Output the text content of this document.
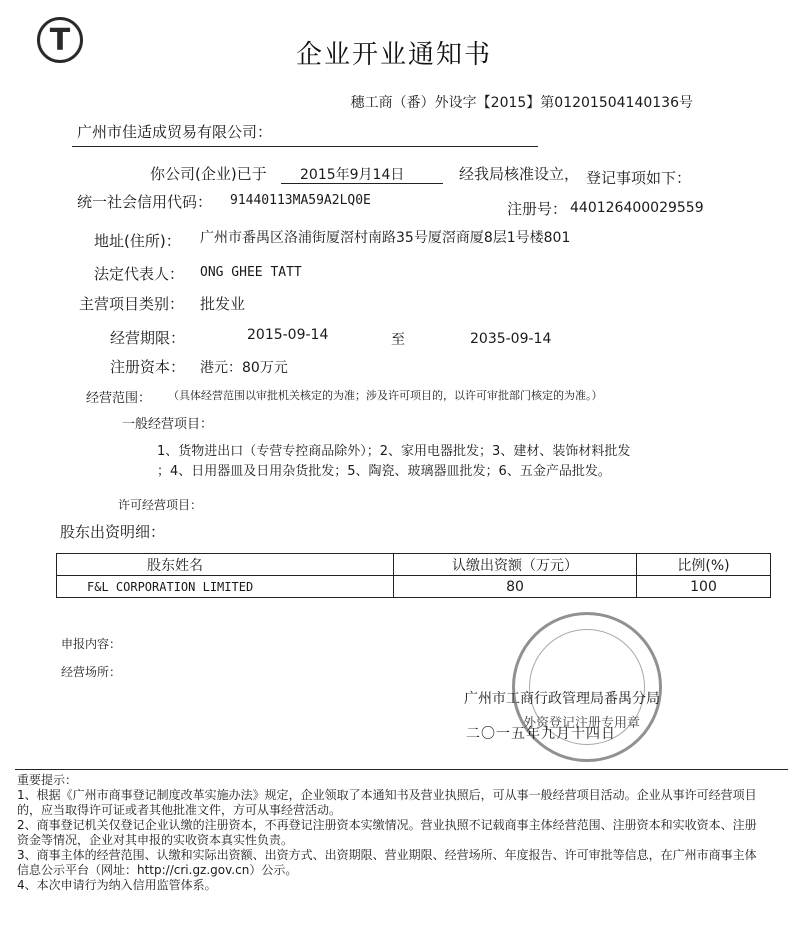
T	企业开业通知书
穗工商（番）外设字【2015】第01201504140136号
广州市佳适成贸易有限公司：
你公司(企业)已于 2015年9月14日	经我局核准设立， 登记事项如下：
统一社会信用代码： 91440113MA59A2LQ0E	注册号： 440126400029559
地址(住所)： 广州市番禺区洛浦街厦滘村南路35号厦滘商厦8层1号楼801
法定代表人： ONG GHEE TATT
主营项目类别： 批发业
经营期限：	2015-09-14	至	2035-09-14
注册资本： 港元：80万元
经营范围： （具体经营范围以审批机关核定的为准；涉及许可项目的，以许可审批部门核定的为准。）
一般经营项目：
1、货物进出口（专营专控商品除外）；2、家用电器批发；3、建材、装饰材料批发
；4、日用器皿及日用杂货批发；5、陶瓷、玻璃器皿批发；6、五金产品批发。
许可经营项目：
股东出资明细：
股东姓名	认缴出资额（万元）	比例(%)
F&L CORPORATION LIMITED	80	100
申报内容：
经营场所：
广州市工商行政管理局番禺分局
二〇一五年九月十四日
外资登记注册专用章
重要提示：
1、根据《广州市商事登记制度改革实施办法》规定，企业领取了本通知书及营业执照后，可从事一般经营项目活动。企业从事许可经营项目的，应当取得许可证或者其他批准文件，方可从事经营活动。
2、商事登记机关仅登记企业认缴的注册资本，不再登记注册资本实缴情况。营业执照不记载商事主体经营范围、注册资本和实收资本、注册资金等情况，企业对其申报的实收资本真实性负责。
3、商事主体的经营范围、认缴和实际出资额、出资方式、出资期限、营业期限、经营场所、年度报告、许可审批等信息，在广州市商事主体信息公示平台（网址：http://cri.gz.gov.cn）公示。
4、本次申请行为纳入信用监管体系。
